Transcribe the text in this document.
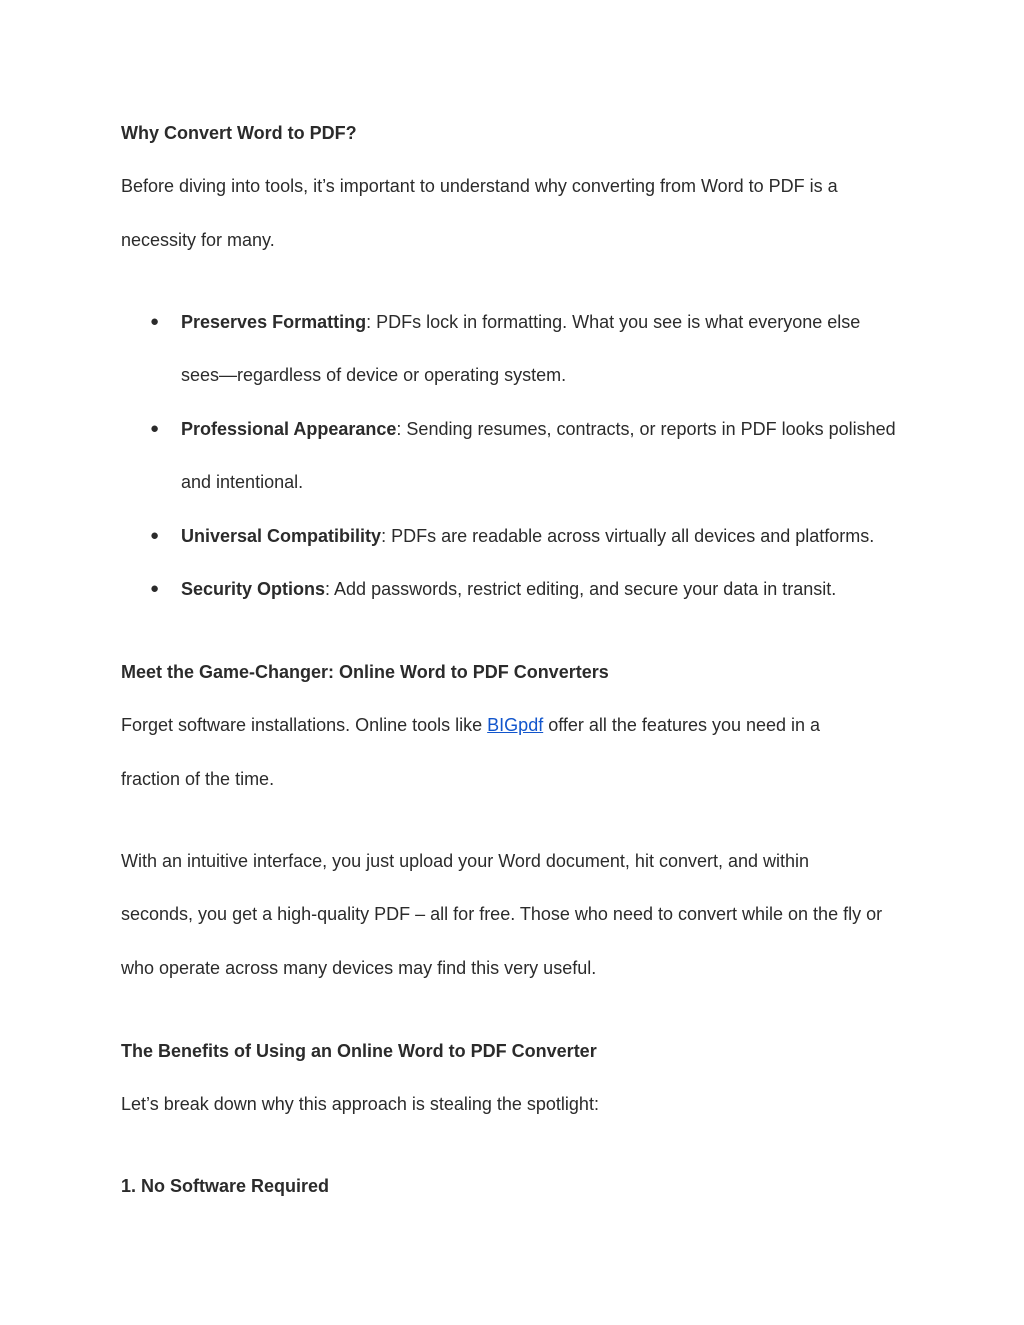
Why Convert Word to PDF?
Before diving into tools, it’s important to understand why converting from Word to PDF is a
necessity for many.
● Preserves Formatting: PDFs lock in formatting. What you see is what everyone else
sees—regardless of device or operating system.
● Professional Appearance: Sending resumes, contracts, or reports in PDF looks polished
and intentional.
● Universal Compatibility: PDFs are readable across virtually all devices and platforms.
● Security Options: Add passwords, restrict editing, and secure your data in transit.
Meet the Game-Changer: Online Word to PDF Converters
Forget software installations. Online tools like BIGpdf offer all the features you need in a
fraction of the time.
With an intuitive interface, you just upload your Word document, hit convert, and within
seconds, you get a high-quality PDF – all for free. Those who need to convert while on the fly or
who operate across many devices may find this very useful.
The Benefits of Using an Online Word to PDF Converter
Let’s break down why this approach is stealing the spotlight:
1. No Software Required
